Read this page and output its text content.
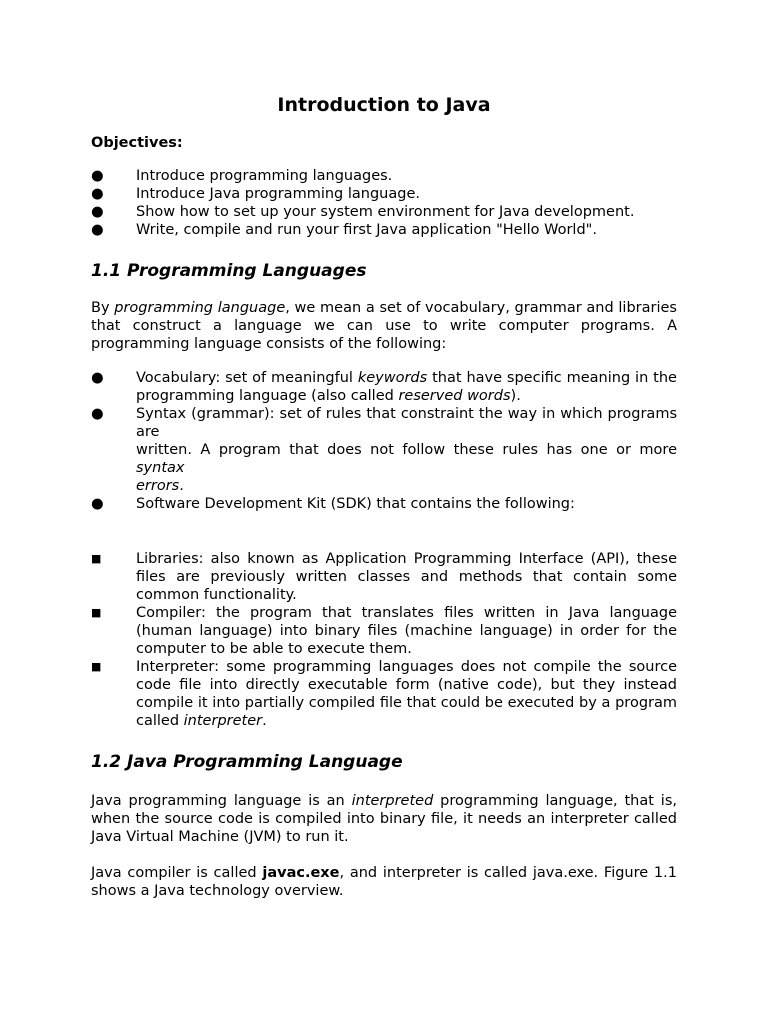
Introduction to Java

Objectives:

● Introduce programming languages.
● Introduce Java programming language.
● Show how to set up your system environment for Java development.
● Write, compile and run your first Java application "Hello World".
1.1 Programming Languages

By programming language, we mean a set of vocabulary, grammar and libraries that construct a language we can use to write computer programs. A programming language consists of the following:

● Vocabulary: set of meaningful keywords that have specific meaning in the
programming language (also called reserved words).
● Syntax (grammar): set of rules that constraint the way in which programs are
written. A program that does not follow these rules has one or more syntax
errors.
● Software Development Kit (SDK) that contains the following:
■ Libraries: also known as Application Programming Interface (API), these files are previously written classes and methods that contain some common functionality.
■ Compiler: the program that translates files written in Java language (human language) into binary files (machine language) in order for the computer to be able to execute them.
■ Interpreter: some programming languages does not compile the source code file into directly executable form (native code), but they instead compile it into partially compiled file that could be executed by a program called interpreter.
1.2 Java Programming Language

Java programming language is an interpreted programming language, that is, when the source code is compiled into binary file, it needs an interpreter called Java Virtual Machine (JVM) to run it.

Java compiler is called javac.exe, and interpreter is called java.exe. Figure 1.1 shows a Java technology overview.
